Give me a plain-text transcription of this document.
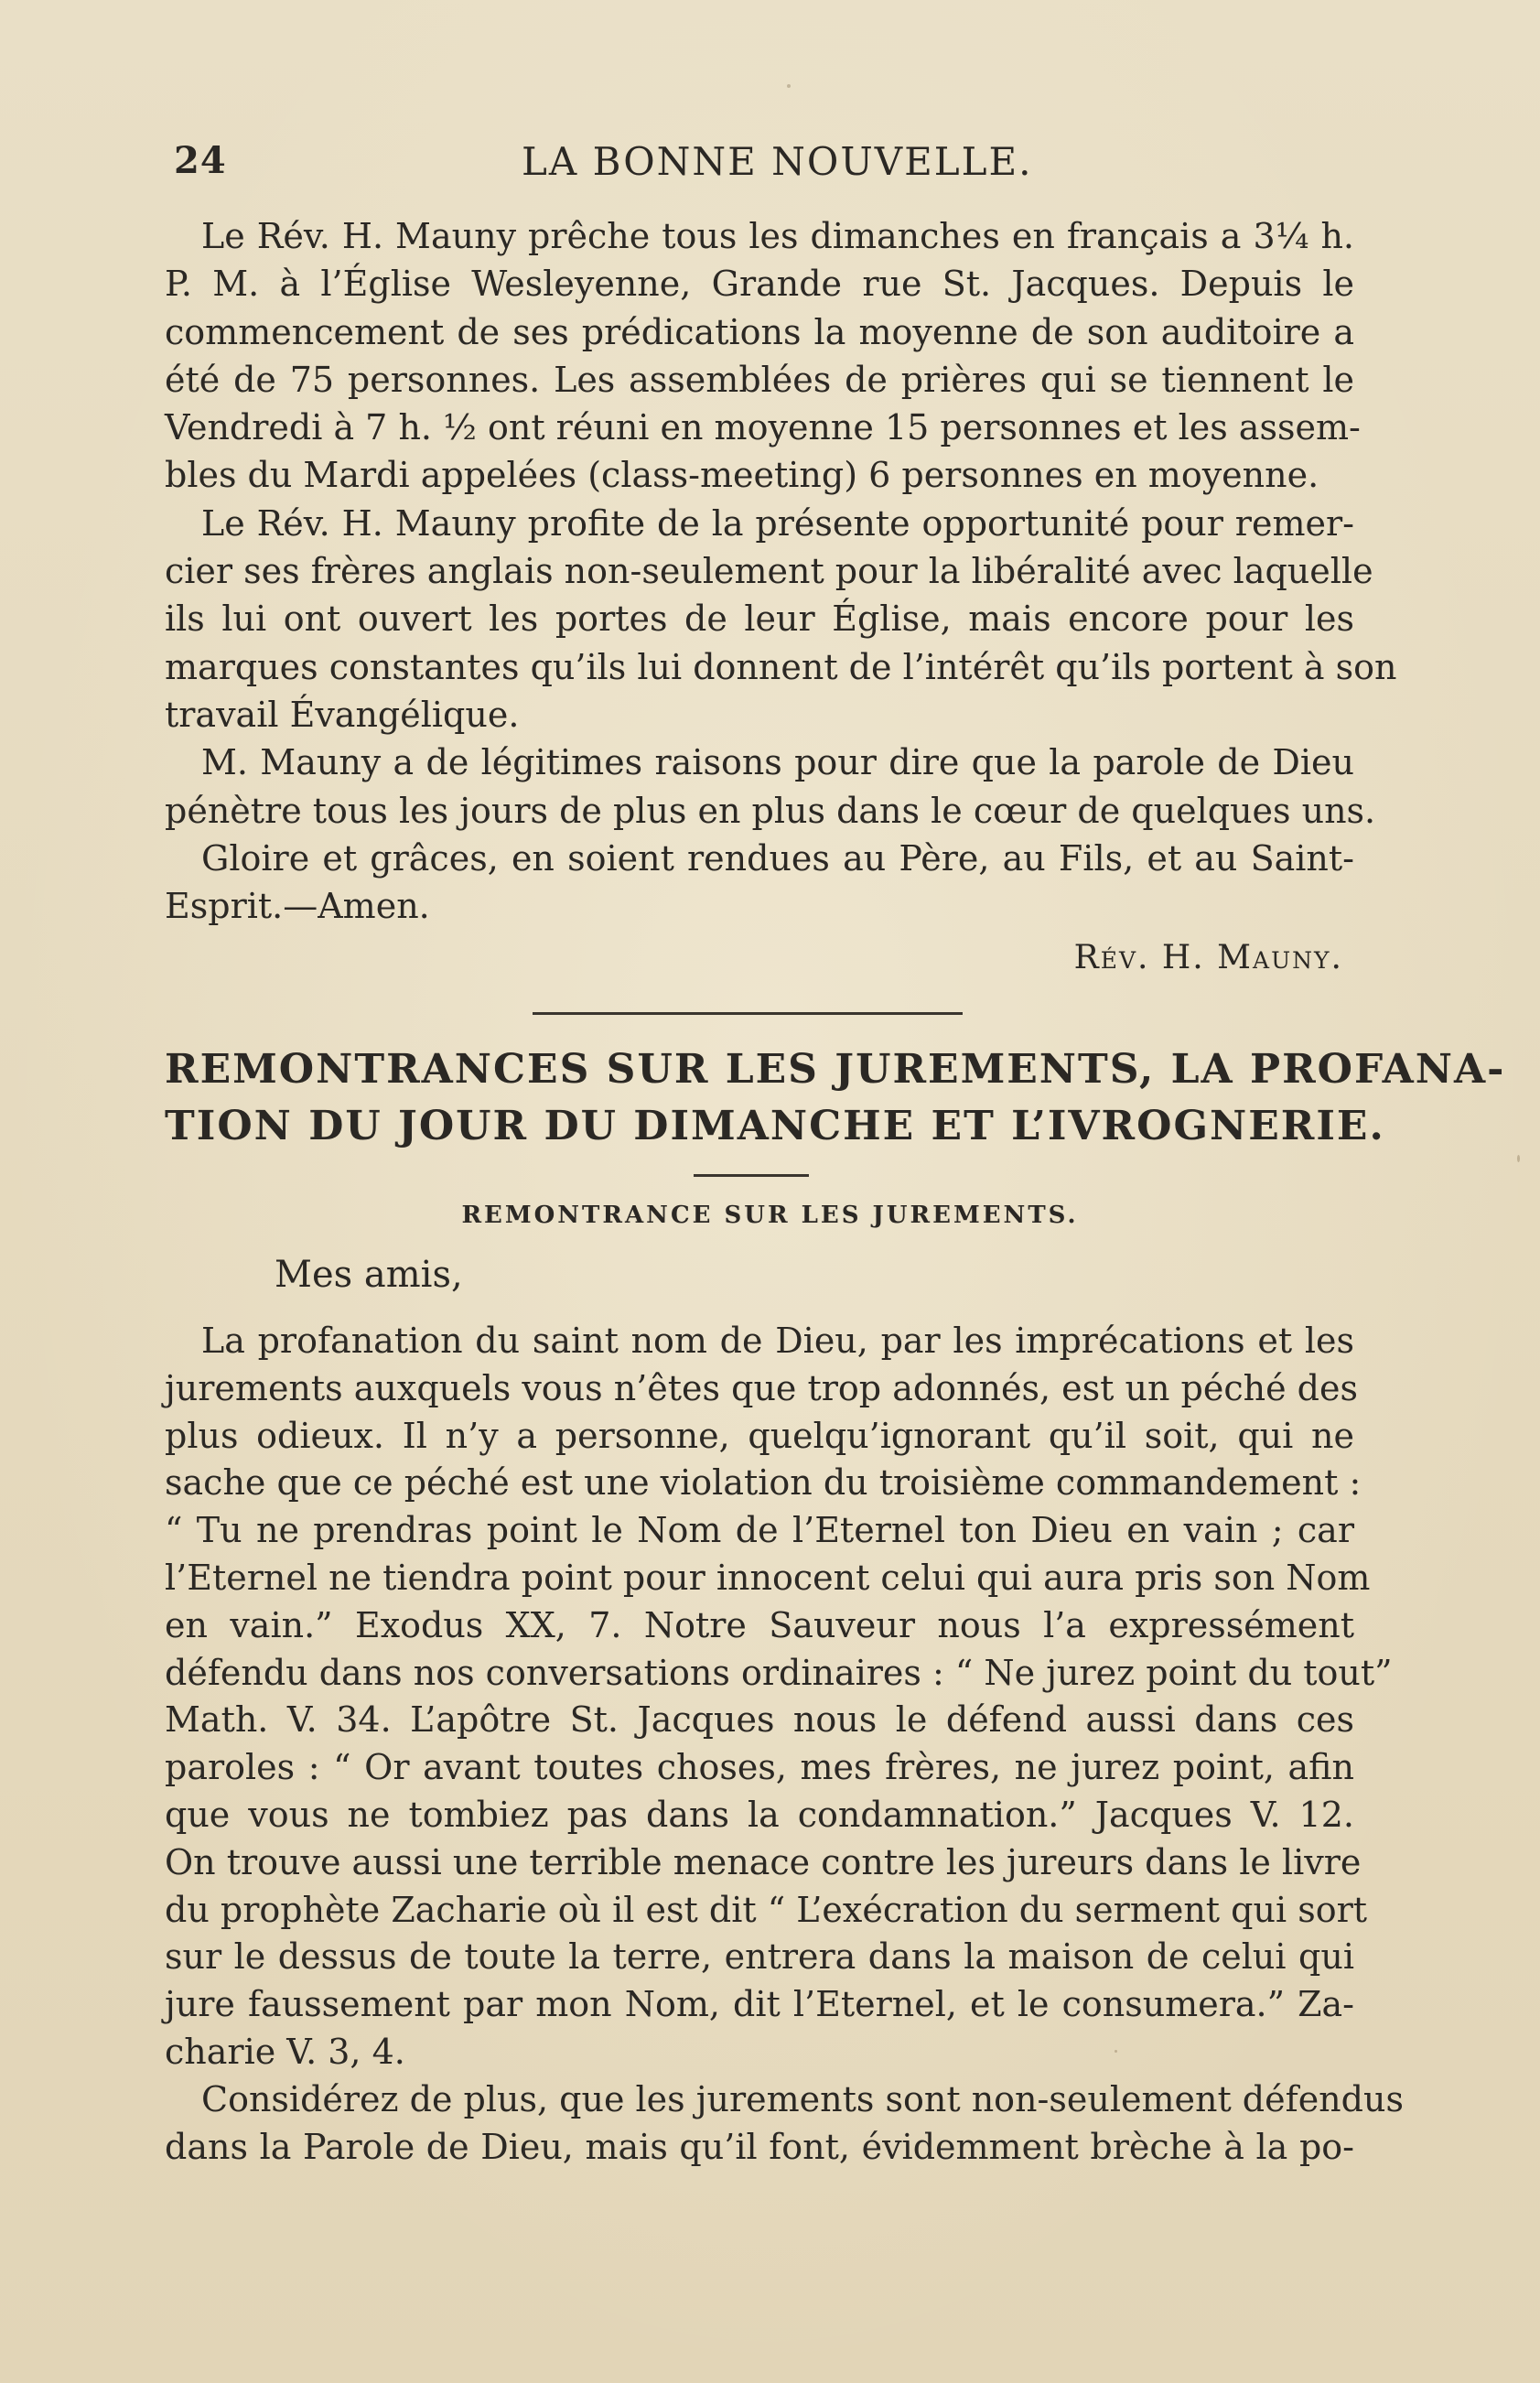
24	LA BONNE NOUVELLE.
Le Rév. H. Mauny prêche tous les dimanches en français a 3¼ h.
P. M. à l’Église Wesleyenne, Grande rue St. Jacques. Depuis le
commencement de ses prédications la moyenne de son auditoire a
été de 75 personnes. Les assemblées de prières qui se tiennent le
Vendredi à 7 h. ½ ont réuni en moyenne 15 personnes et les assem-
bles du Mardi appelées (class-meeting) 6 personnes en moyenne.
Le Rév. H. Mauny profite de la présente opportunité pour remer-
cier ses frères anglais non-seulement pour la libéralité avec laquelle
ils lui ont ouvert les portes de leur Église, mais encore pour les
marques constantes qu’ils lui donnent de l’intérêt qu’ils portent à son
travail Évangélique.
M. Mauny a de légitimes raisons pour dire que la parole de Dieu
pénètre tous les jours de plus en plus dans le cœur de quelques uns.
Gloire et grâces, en soient rendues au Père, au Fils, et au Saint-
Esprit.—Amen.
Rév. H. Mauny.
REMONTRANCES SUR LES JUREMENTS, LA PROFANA-
TION DU JOUR DU DIMANCHE ET L’IVROGNERIE.
REMONTRANCE SUR LES JUREMENTS.
Mes amis,
La profanation du saint nom de Dieu, par les imprécations et les
jurements auxquels vous n’êtes que trop adonnés, est un péché des
plus odieux. Il n’y a personne, quelqu’ignorant qu’il soit, qui ne
sache que ce péché est une violation du troisième commandement :
“ Tu ne prendras point le Nom de l’Eternel ton Dieu en vain ; car
l’Eternel ne tiendra point pour innocent celui qui aura pris son Nom
en vain.” Exodus XX, 7. Notre Sauveur nous l’a expressément
défendu dans nos conversations ordinaires : “ Ne jurez point du tout”
Math. V. 34. L’apôtre St. Jacques nous le défend aussi dans ces
paroles : “ Or avant toutes choses, mes frères, ne jurez point, afin
que vous ne tombiez pas dans la condamnation.” Jacques V. 12.
On trouve aussi une terrible menace contre les jureurs dans le livre
du prophète Zacharie où il est dit “ L’exécration du serment qui sort
sur le dessus de toute la terre, entrera dans la maison de celui qui
jure faussement par mon Nom, dit l’Eternel, et le consumera.” Za-
charie V. 3, 4.
Considérez de plus, que les jurements sont non-seulement défendus
dans la Parole de Dieu, mais qu’il font, évidemment brèche à la po-
